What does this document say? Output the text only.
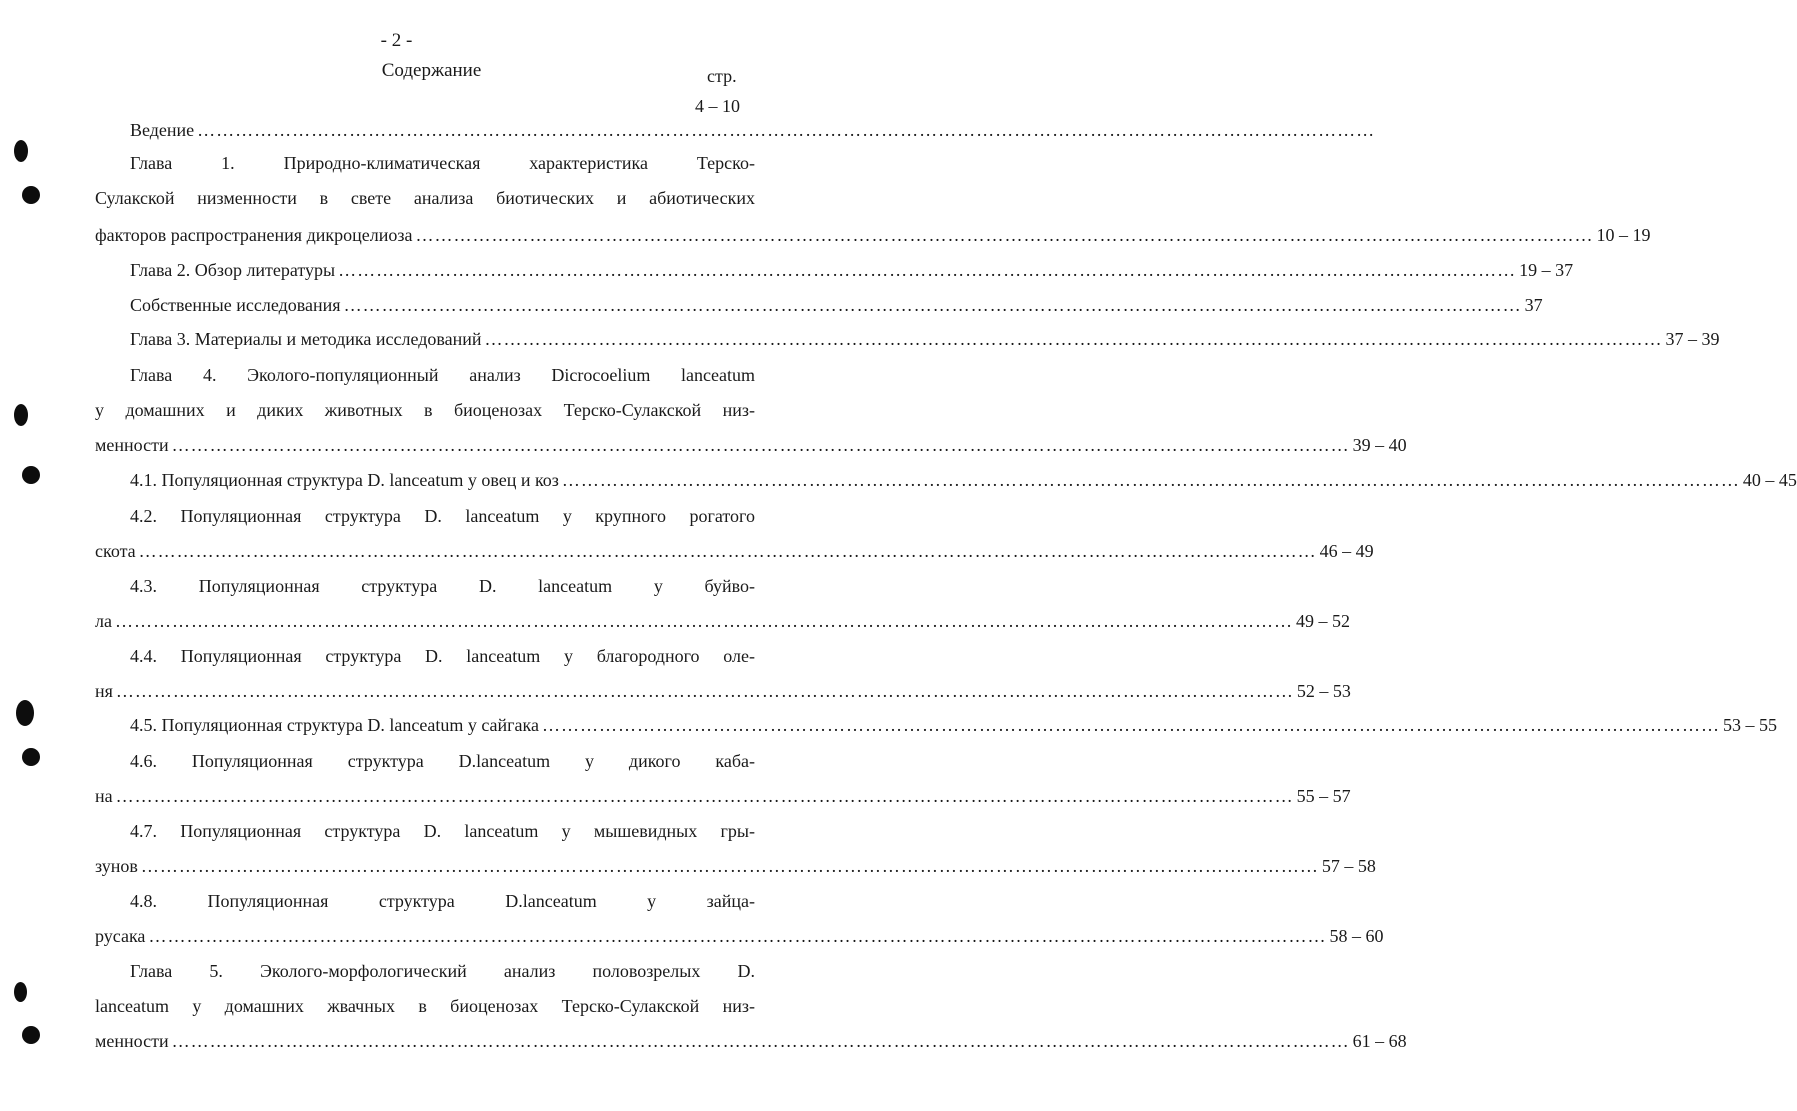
- 2 -
Содержание	стр.
4 – 10
Ведение ……………………………………………………………………………………………………………………………………………………………………
Глава 1. Природно-климатическая характеристика Терско-
Сулакской низменности в свете анализа биотических и абиотических
факторов распространения дикроцелиоза …………………………………………………………………………………………………………………………………………………………………… 10 – 19
Глава 2. Обзор литературы …………………………………………………………………………………………………………………………………………………………………… 19 – 37
Собственные исследования …………………………………………………………………………………………………………………………………………………………………… 37
Глава 3. Материалы и методика исследований …………………………………………………………………………………………………………………………………………………………………… 37 – 39
Глава 4. Эколого-популяционный анализ Dicrocoelium lanceatum
у домашних и диких животных в биоценозах Терско-Сулакской низ-
менности …………………………………………………………………………………………………………………………………………………………………… 39 – 40
4.1. Популяционная структура D. lanceatum у овец и коз …………………………………………………………………………………………………………………………………………………………………… 40 – 45
4.2. Популяционная структура D. lanceatum у крупного рогатого
скота …………………………………………………………………………………………………………………………………………………………………… 46 – 49
4.3. Популяционная структура D. lanceatum у буйво-
ла …………………………………………………………………………………………………………………………………………………………………… 49 – 52
4.4. Популяционная структура D. lanceatum у благородного оле-
ня …………………………………………………………………………………………………………………………………………………………………… 52 – 53
4.5. Популяционная структура D. lanceatum у сайгака …………………………………………………………………………………………………………………………………………………………………… 53 – 55
4.6. Популяционная структура D.lanceatum у дикого каба-
на …………………………………………………………………………………………………………………………………………………………………… 55 – 57
4.7. Популяционная структура D. lanceatum у мышевидных гры-
зунов …………………………………………………………………………………………………………………………………………………………………… 57 – 58
4.8. Популяционная структура D.lanceatum у зайца-
русака …………………………………………………………………………………………………………………………………………………………………… 58 – 60
Глава 5. Эколого-морфологический анализ половозрелых D.
lanceatum у домашних жвачных в биоценозах Терско-Сулакской низ-
менности …………………………………………………………………………………………………………………………………………………………………… 61 – 68
